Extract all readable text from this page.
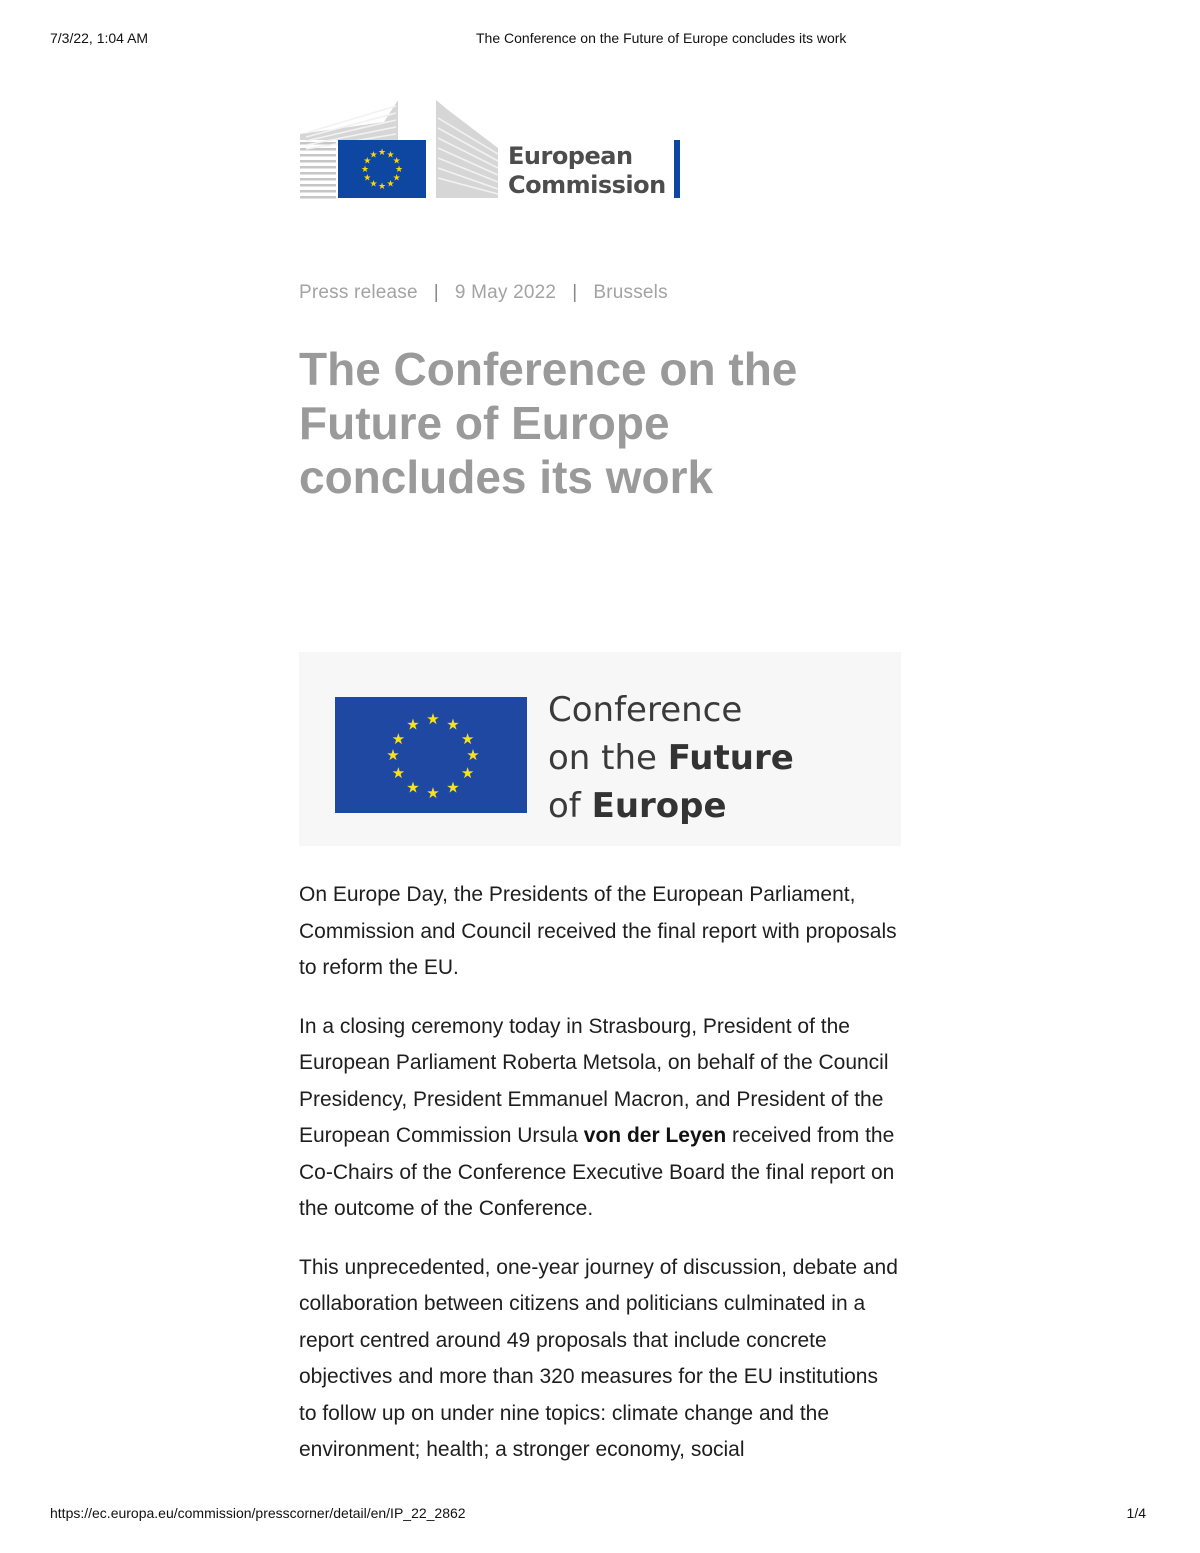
7/3/22, 1:04 AM	The Conference on the Future of Europe concludes its work
★ ★
★
★
★
★
★
★
★
★
★
★	European
Commission
Press release | 9 May 2022 | Brussels
The Conference on the Future of Europe concludes its work
★ ★
★
★
★
★
★
★
★
★
★
★	Conference
on the Future
of Europe

On Europe Day, the Presidents of the European Parliament, Commission and Council received the final report with proposals to reform the EU.

In a closing ceremony today in Strasbourg, President of the European Parliament Roberta Metsola, on behalf of the Council Presidency, President Emmanuel Macron, and President of the European Commission Ursula von der Leyen received from the Co-Chairs of the Conference Executive Board the final report on the outcome of the Conference.

This unprecedented, one-year journey of discussion, debate and collaboration between citizens and politicians culminated in a report centred around 49 proposals that include concrete objectives and more than 320 measures for the EU institutions to follow up on under nine topics: climate change and the environment; health; a stronger economy, social

https://ec.europa.eu/commission/presscorner/detail/en/IP_22_2862	1/4
